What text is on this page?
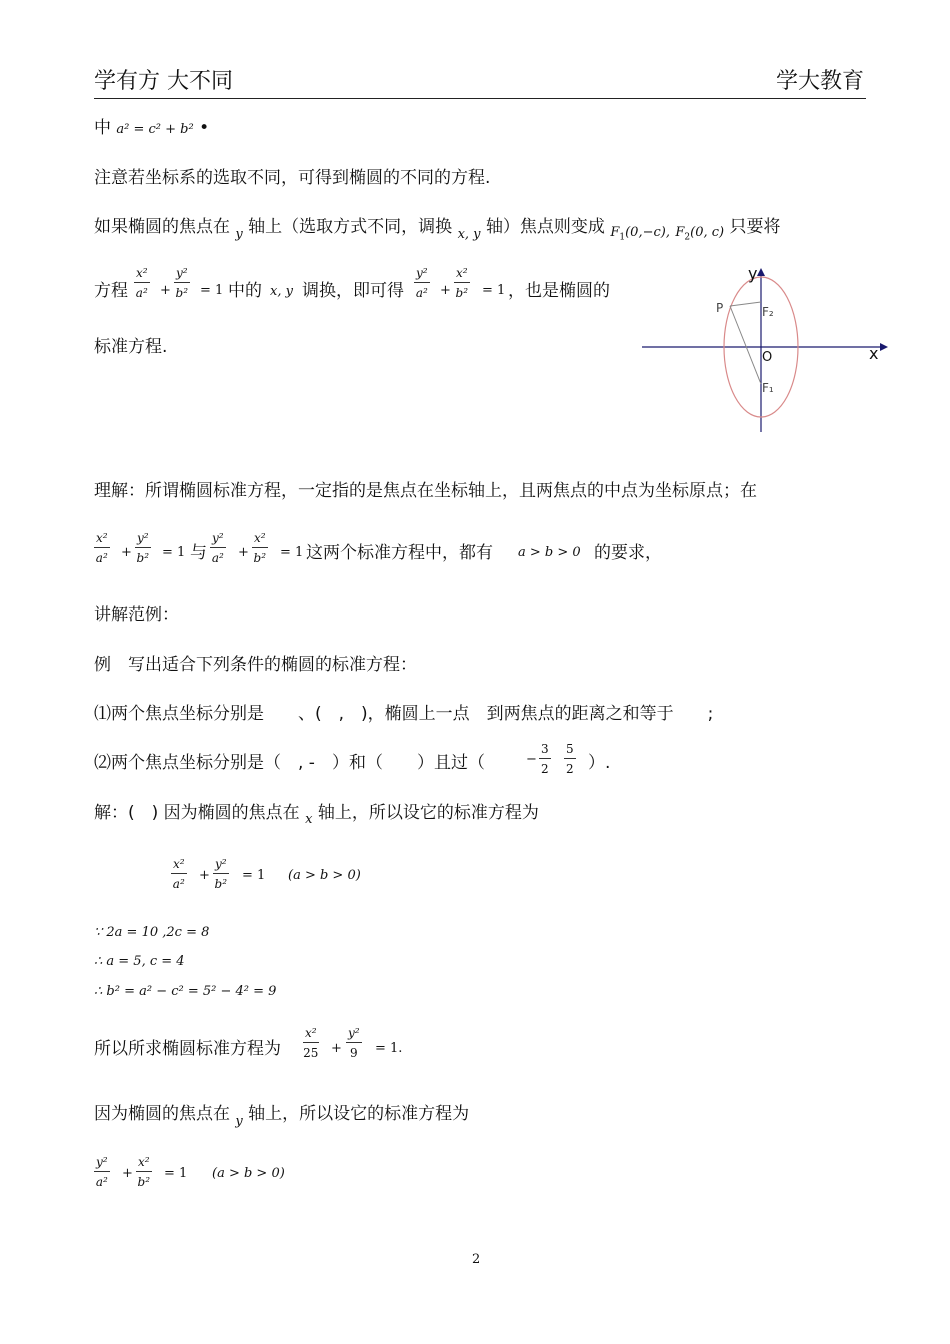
学有方 大不同	学大教育
中 a² = c² + b² •
注意若坐标系的选取不同，可得到椭圆的不同的方程.
如果椭圆的焦点在 $_y$ 轴上（选取方式不同，调换 $_{x, y}$ 轴）焦点则变成 $_{F_1(0,-c),}$ $_{F_2(0, c)}$ 只要将
方程 $\frac{\text{x²}}{\text{a²}} + \frac{\text{y²}}{\text{b²}} = 1$ 中的 x, y 调换，即可得 $\frac{\text{y²}}{\text{a²}} + \frac{\text{x²}}{\text{b²}} = 1$ ，也是椭圆的
标准方程.
y
x
O
P	F₂
F₁
理解：所谓椭圆标准方程，一定指的是焦点在坐标轴上，且两焦点的中点为坐标原点；在
$\frac{\text{x²}}{\text{a²}} + \frac{\text{y²}}{\text{b²}} = 1$ 与 $\frac{\text{y²}}{\text{a²}} + \frac{\text{x²}}{\text{b²}} = 1$ 这两个标准方程中，都有 a > b > 0 的要求，
讲解范例：
例　写出适合下列条件的椭圆的标准方程：
⑴两个焦点坐标分别是　　、(　,　)，椭圆上一点　到两焦点的距离之和等于　　;
⑵两个焦点坐标分别是（　, -　）和（　　）且过（	− $\frac{3}{2} \frac{5}{2}$ ）.
解：(　) 因为椭圆的焦点在 $_x$ 轴上，所以设它的标准方程为
$\frac{\text{x²}}{\text{a²}} + \frac{\text{y²}}{\text{b²}} = 1$ (a > b > 0)
∵ 2a = 10 ,2c = 8
∴ a = 5, c = 4
∴ b² = a² − c² = 5² − 4² = 9
所以所求椭圆标准方程为 $\frac{\text{x²}}{25} + \frac{\text{y²}}{9} = 1$.
因为椭圆的焦点在 $_y$ 轴上，所以设它的标准方程为
$\frac{\text{y²}}{\text{a²}} + \frac{\text{x²}}{\text{b²}} = 1$ (a > b > 0)
2
